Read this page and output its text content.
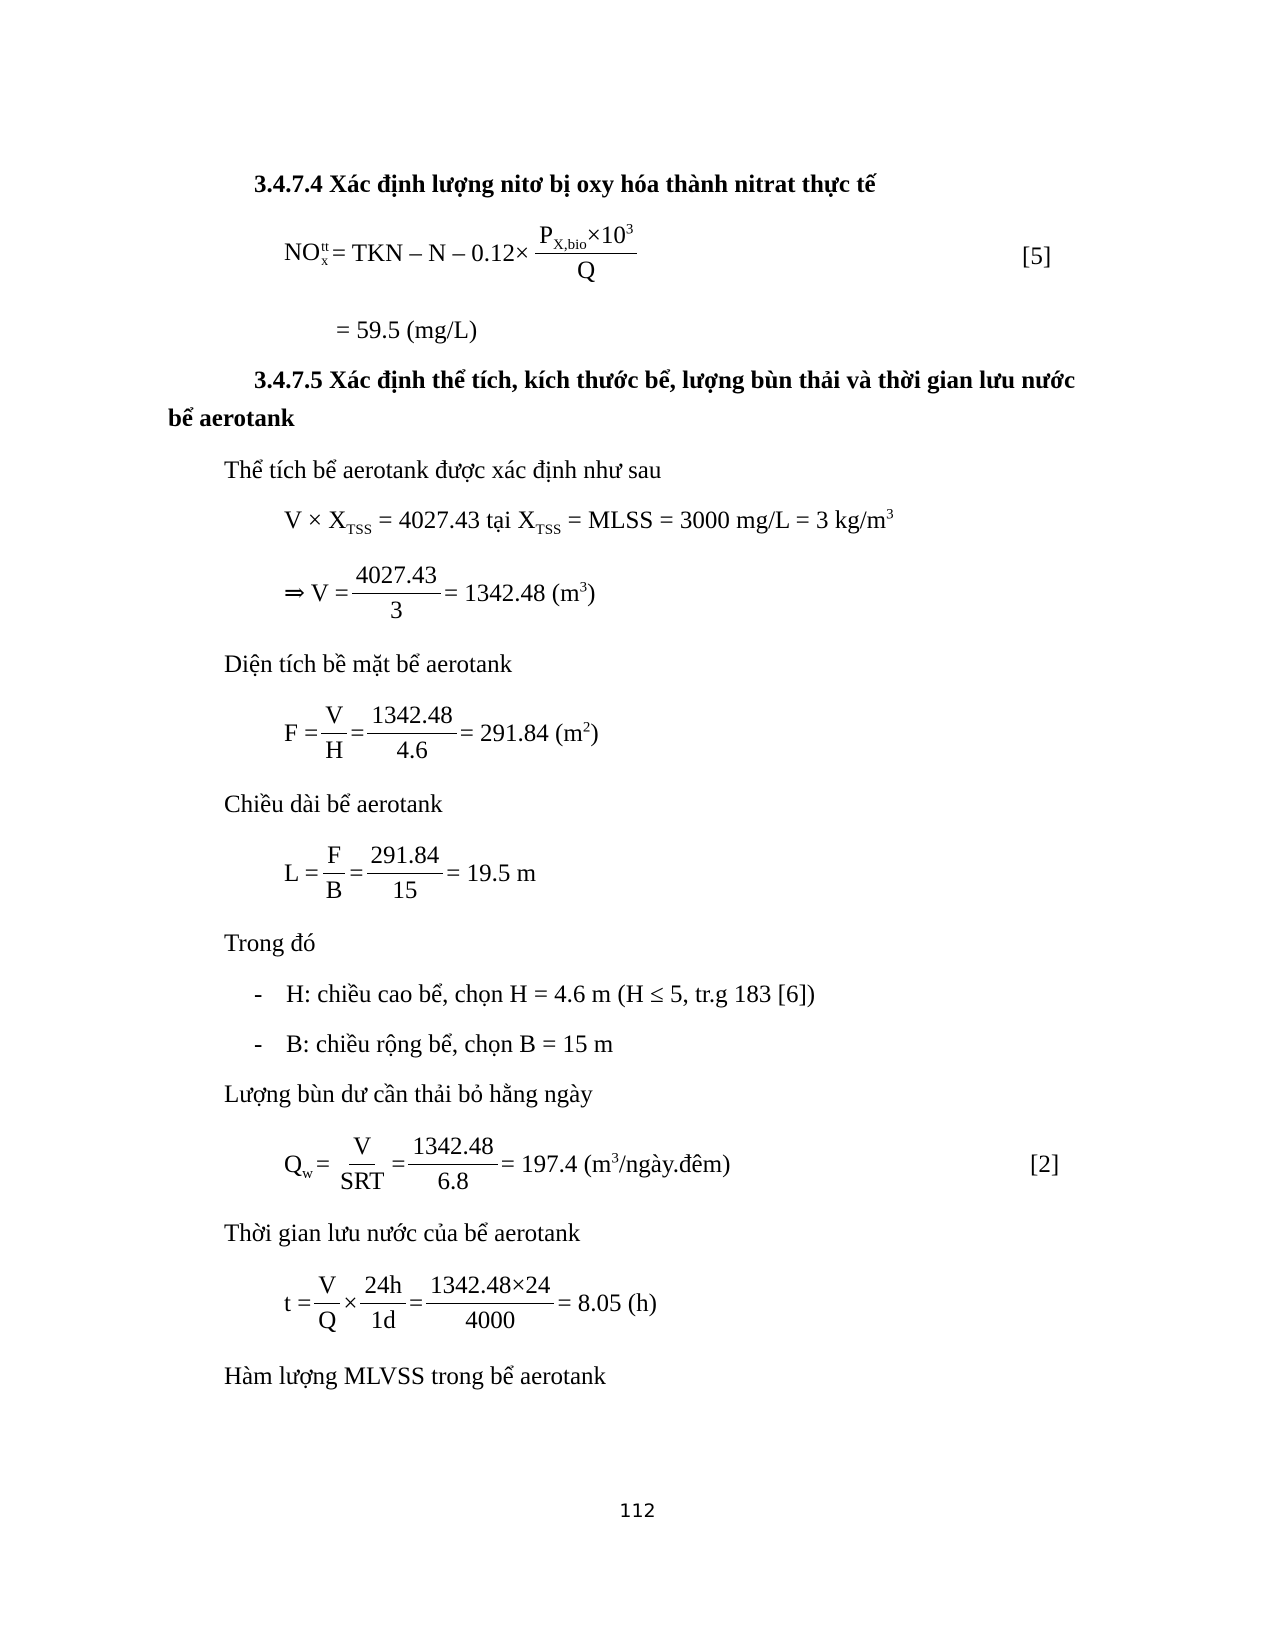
3.4.7.4 Xác định lượng nitơ bị oxy hóa thành nitrat thực tế
NO tt
x = TKN – N – 0.12×
$P_{X,bio}\times 10^3$
Q
[5]
= 59.5 (mg/L)
3.4.7.5 Xác định thể tích, kích thước bể, lượng bùn thải và thời gian lưu nước
bể aerotank
Thể tích bể aerotank được xác định như sau
$V \times X_{TSS} = 4027.43$ tại $X_{TSS}$ = MLSS = 3000 mg/L = 3 $kg/m^3$
⇒ $V = \frac{4027.43}{3} = 1342.48$ $(m^3)$
Diện tích bề mặt bể aerotank
$F = \frac{V}{H} = \frac{1342.48}{4.6} = 291.84$ $(m^2)$
Chiều dài bể aerotank
$L = \frac{F}{B} = \frac{291.84}{15} = 19.5$ m
Trong đó
- H: chiều cao bể, chọn H = 4.6 m (H ≤ 5, tr.g 183 [6])
- B: chiều rộng bể, chọn B = 15 m
Lượng bùn dư cần thải bỏ hằng ngày
$Q_w$ =
V
SRT
= $\frac{1342.48}{6.8} = 197.4$ $(m^3/ngày.đêm)$	[2]
Thời gian lưu nước của bể aerotank
$t = \frac{V}{Q} \times \frac{24h}{1d} = \frac{1342.48\times 24}{4000} = 8.05$ (h)
Hàm lượng MLVSS trong bể aerotank
112
